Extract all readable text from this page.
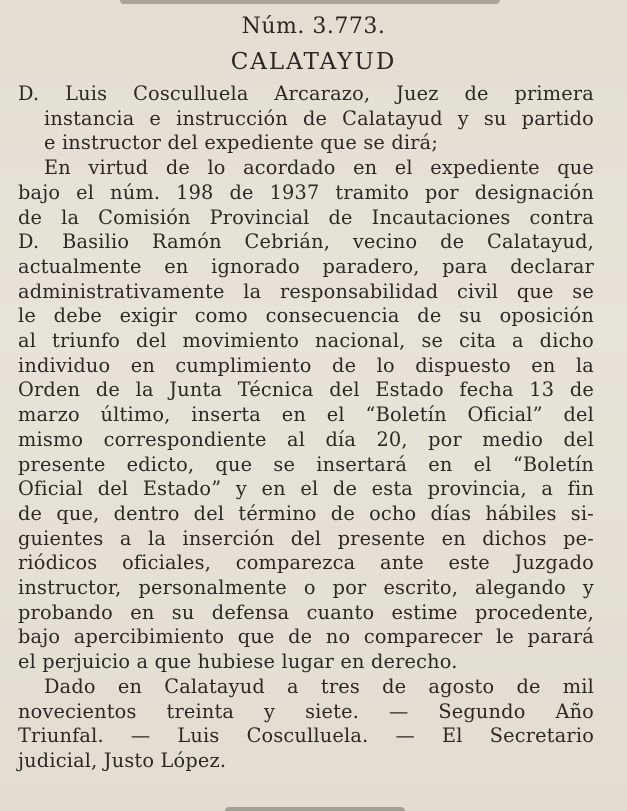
Núm. 3.773.
CALATAYUD
D. Luis Cosculluela Arcarazo, Juez de primera
instancia e instrucción de Calatayud y su partido
e instructor del expediente que se dirá;
En virtud de lo acordado en el expediente que
bajo el núm. 198 de 1937 tramito por designación
de la Comisión Provincial de Incautaciones contra
D. Basilio Ramón Cebrián, vecino de Calatayud,
actualmente en ignorado paradero, para declarar
administrativamente la responsabilidad civil que se
le debe exigir como consecuencia de su oposición
al triunfo del movimiento nacional, se cita a dicho
individuo en cumplimiento de lo dispuesto en la
Orden de la Junta Técnica del Estado fecha 13 de
marzo último, inserta en el “Boletín Oficial” del
mismo correspondiente al día 20, por medio del
presente edicto, que se insertará en el “Boletín
Oficial del Estado” y en el de esta provincia, a fin
de que, dentro del término de ocho días hábiles si-
guientes a la inserción del presente en dichos pe-
riódicos oficiales, comparezca ante este Juzgado
instructor, personalmente o por escrito, alegando y
probando en su defensa cuanto estime procedente,
bajo apercibimiento que de no comparecer le parará
el perjuicio a que hubiese lugar en derecho.
Dado en Calatayud a tres de agosto de mil
novecientos treinta y siete. — Segundo Año
Triunfal. — Luis Cosculluela. — El Secretario
judicial, Justo López.
